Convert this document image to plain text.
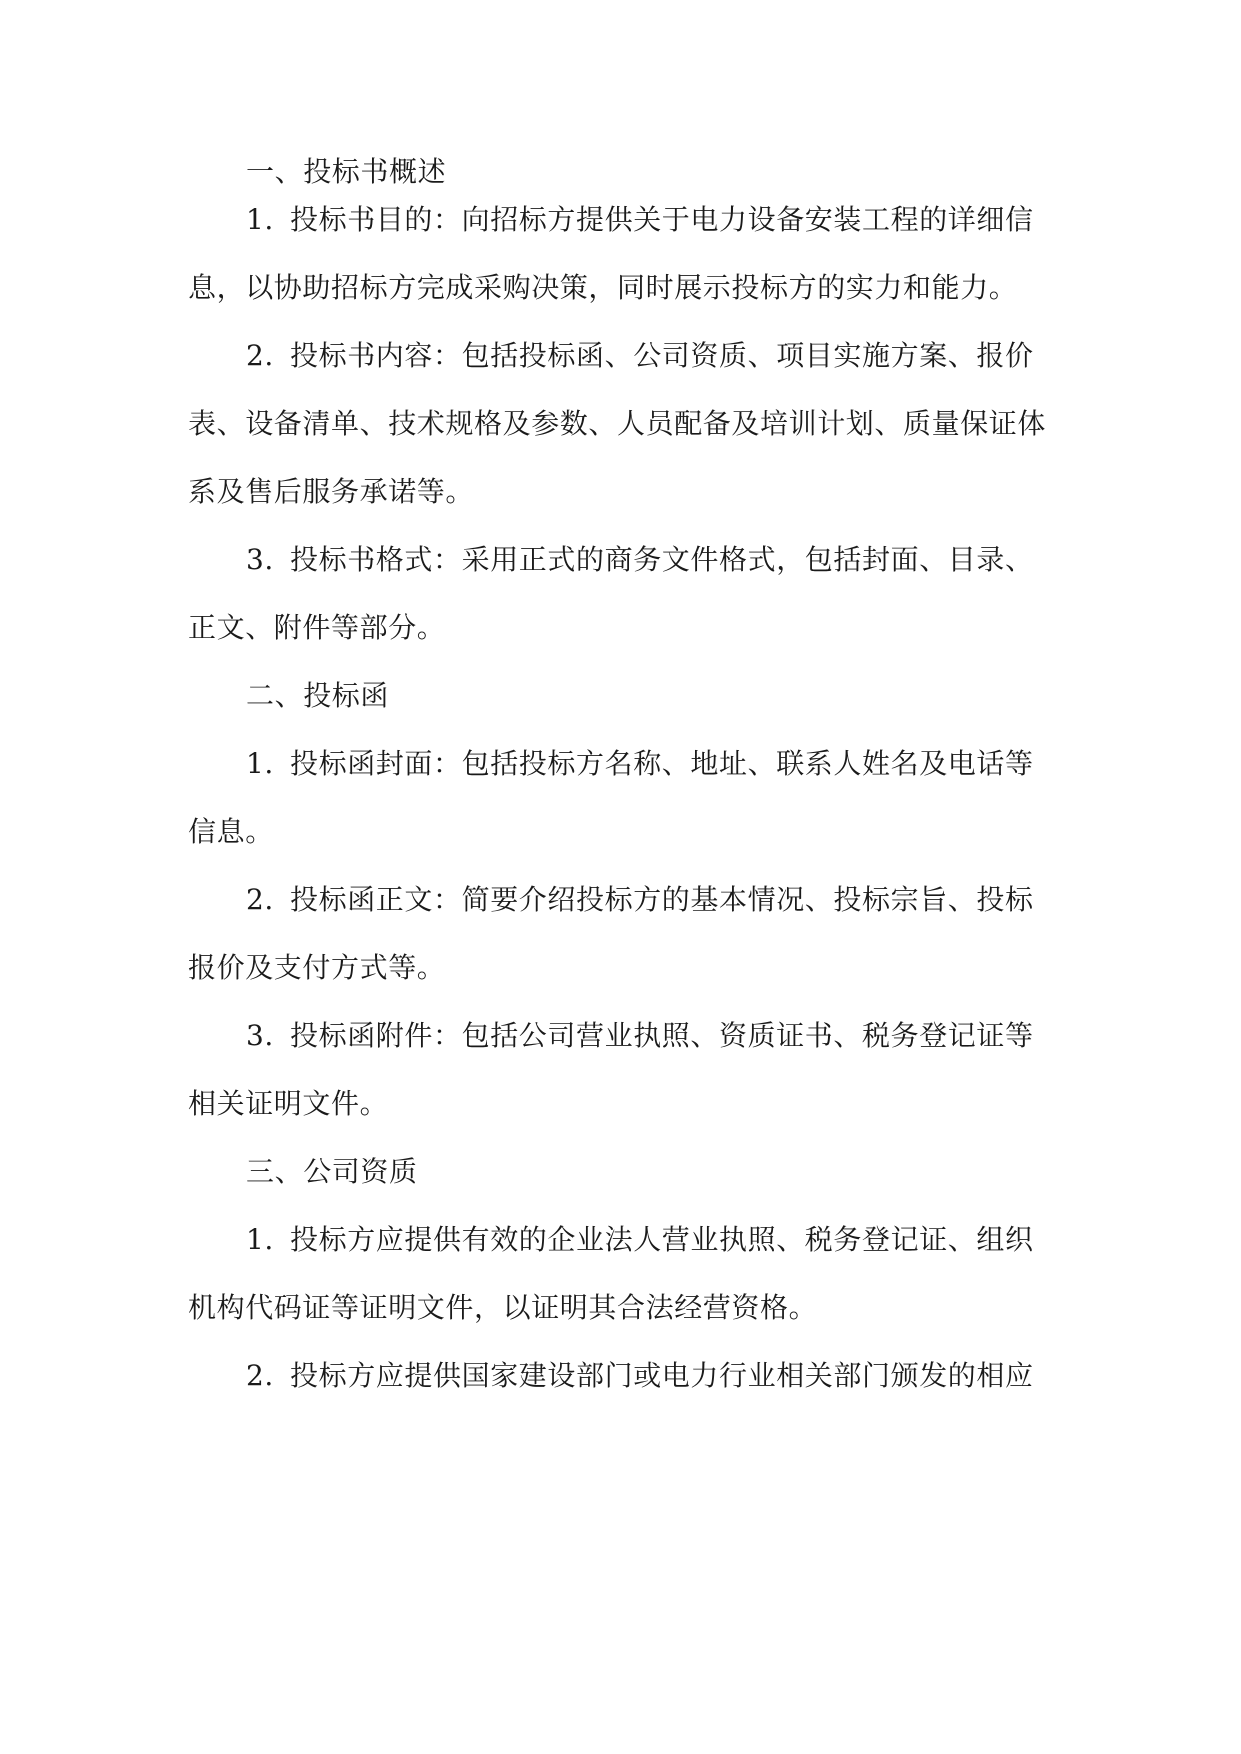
一、投标书概述
1. 投标书目的：向招标方提供关于电力设备安装工程的详细信
息，以协助招标方完成采购决策，同时展示投标方的实力和能力。
2. 投标书内容：包括投标函、公司资质、项目实施方案、报价
表、设备清单、技术规格及参数、人员配备及培训计划、质量保证体
系及售后服务承诺等。
3. 投标书格式：采用正式的商务文件格式，包括封面、目录、
正文、附件等部分。
二、投标函
1. 投标函封面：包括投标方名称、地址、联系人姓名及电话等
信息。
2. 投标函正文：简要介绍投标方的基本情况、投标宗旨、投标
报价及支付方式等。
3. 投标函附件：包括公司营业执照、资质证书、税务登记证等
相关证明文件。
三、公司资质
1. 投标方应提供有效的企业法人营业执照、税务登记证、组织
机构代码证等证明文件，以证明其合法经营资格。
2. 投标方应提供国家建设部门或电力行业相关部门颁发的相应
